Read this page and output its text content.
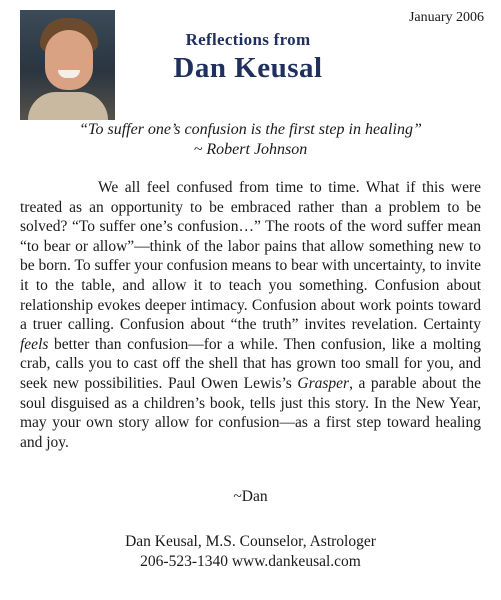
January 2006
Reflections from
Dan Keusal
“To suffer one’s confusion is the first step in healing”
~ Robert Johnson
We all feel confused from time to time. What if this were treated as an opportunity to be embraced rather than a problem to be solved? “To suffer one’s confusion…” The roots of the word suffer mean “to bear or allow”—think of the labor pains that allow something new to be born. To suffer your confusion means to bear with uncertainty, to invite it to the table, and allow it to teach you something. Confusion about relationship evokes deeper intimacy. Confusion about work points toward a truer calling. Confusion about “the truth” invites revelation. Certainty feels better than confusion—for a while. Then confusion, like a molting crab, calls you to cast off the shell that has grown too small for you, and seek new possibilities. Paul Owen Lewis’s Grasper, a parable about the soul disguised as a children’s book, tells just this story. In the New Year, may your own story allow for confusion—as a first step toward healing and joy.
~Dan
Dan Keusal, M.S. Counselor, Astrologer
206-523-1340 www.dankeusal.com
